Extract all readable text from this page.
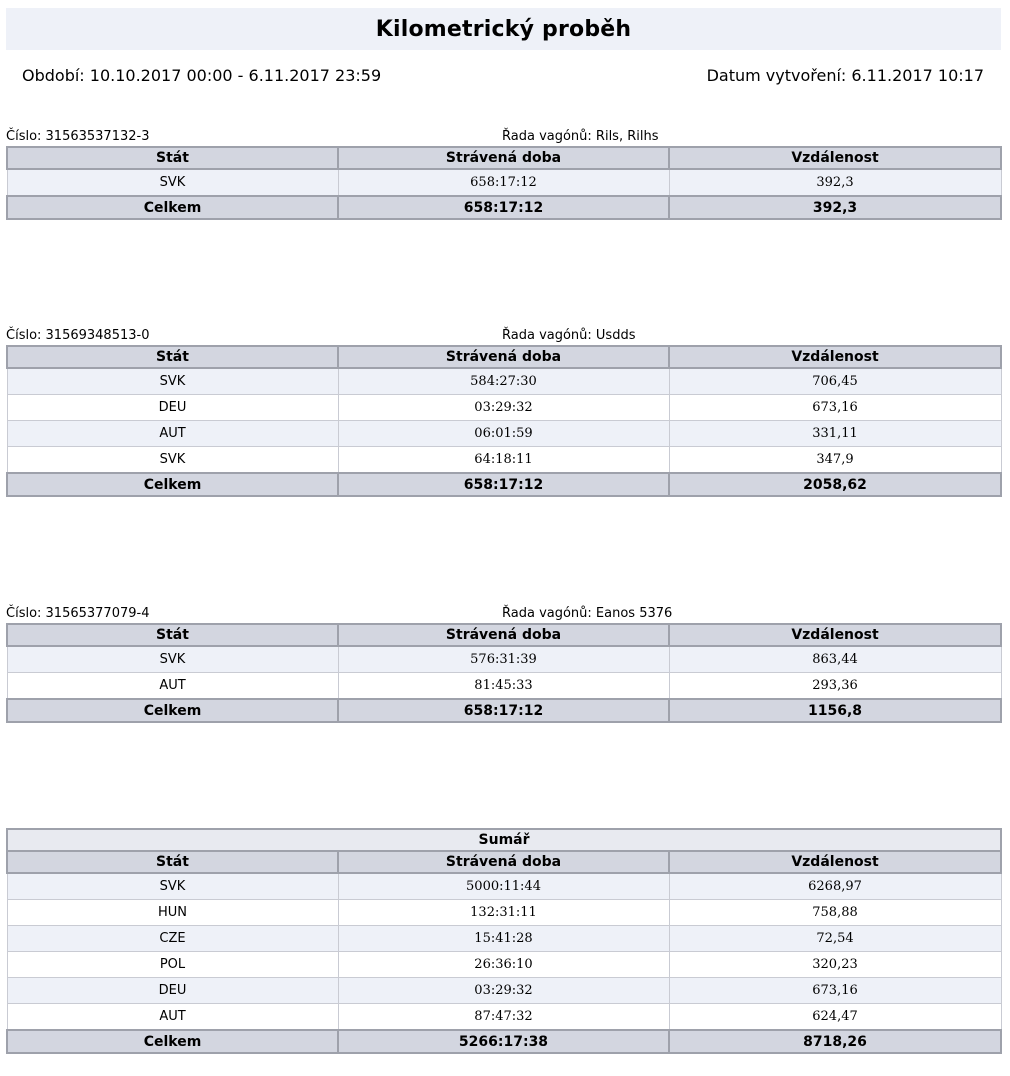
Kilometrický proběh
Období: 10.10.2017 00:00 - 6.11.2017 23:59	Datum vytvoření: 6.11.2017 10:17
Číslo: 31563537132-3	Řada vagónů: Rils, Rilhs
Stát	Strávená doba	Vzdálenost
SVK	658:17:12	392,3
Celkem	658:17:12	392,3
Číslo: 31569348513-0	Řada vagónů: Usdds
Stát	Strávená doba	Vzdálenost
SVK	584:27:30	706,45
DEU	03:29:32	673,16
AUT	06:01:59	331,11
SVK	64:18:11	347,9
Celkem	658:17:12	2058,62
Číslo: 31565377079-4	Řada vagónů: Eanos 5376
Stát	Strávená doba	Vzdálenost
SVK	576:31:39	863,44
AUT	81:45:33	293,36
Celkem	658:17:12	1156,8
Sumář		
Stát	Strávená doba	Vzdálenost
SVK	5000:11:44	6268,97
HUN	132:31:11	758,88
CZE	15:41:28	72,54
POL	26:36:10	320,23
DEU	03:29:32	673,16
AUT	87:47:32	624,47
Celkem	5266:17:38	8718,26
